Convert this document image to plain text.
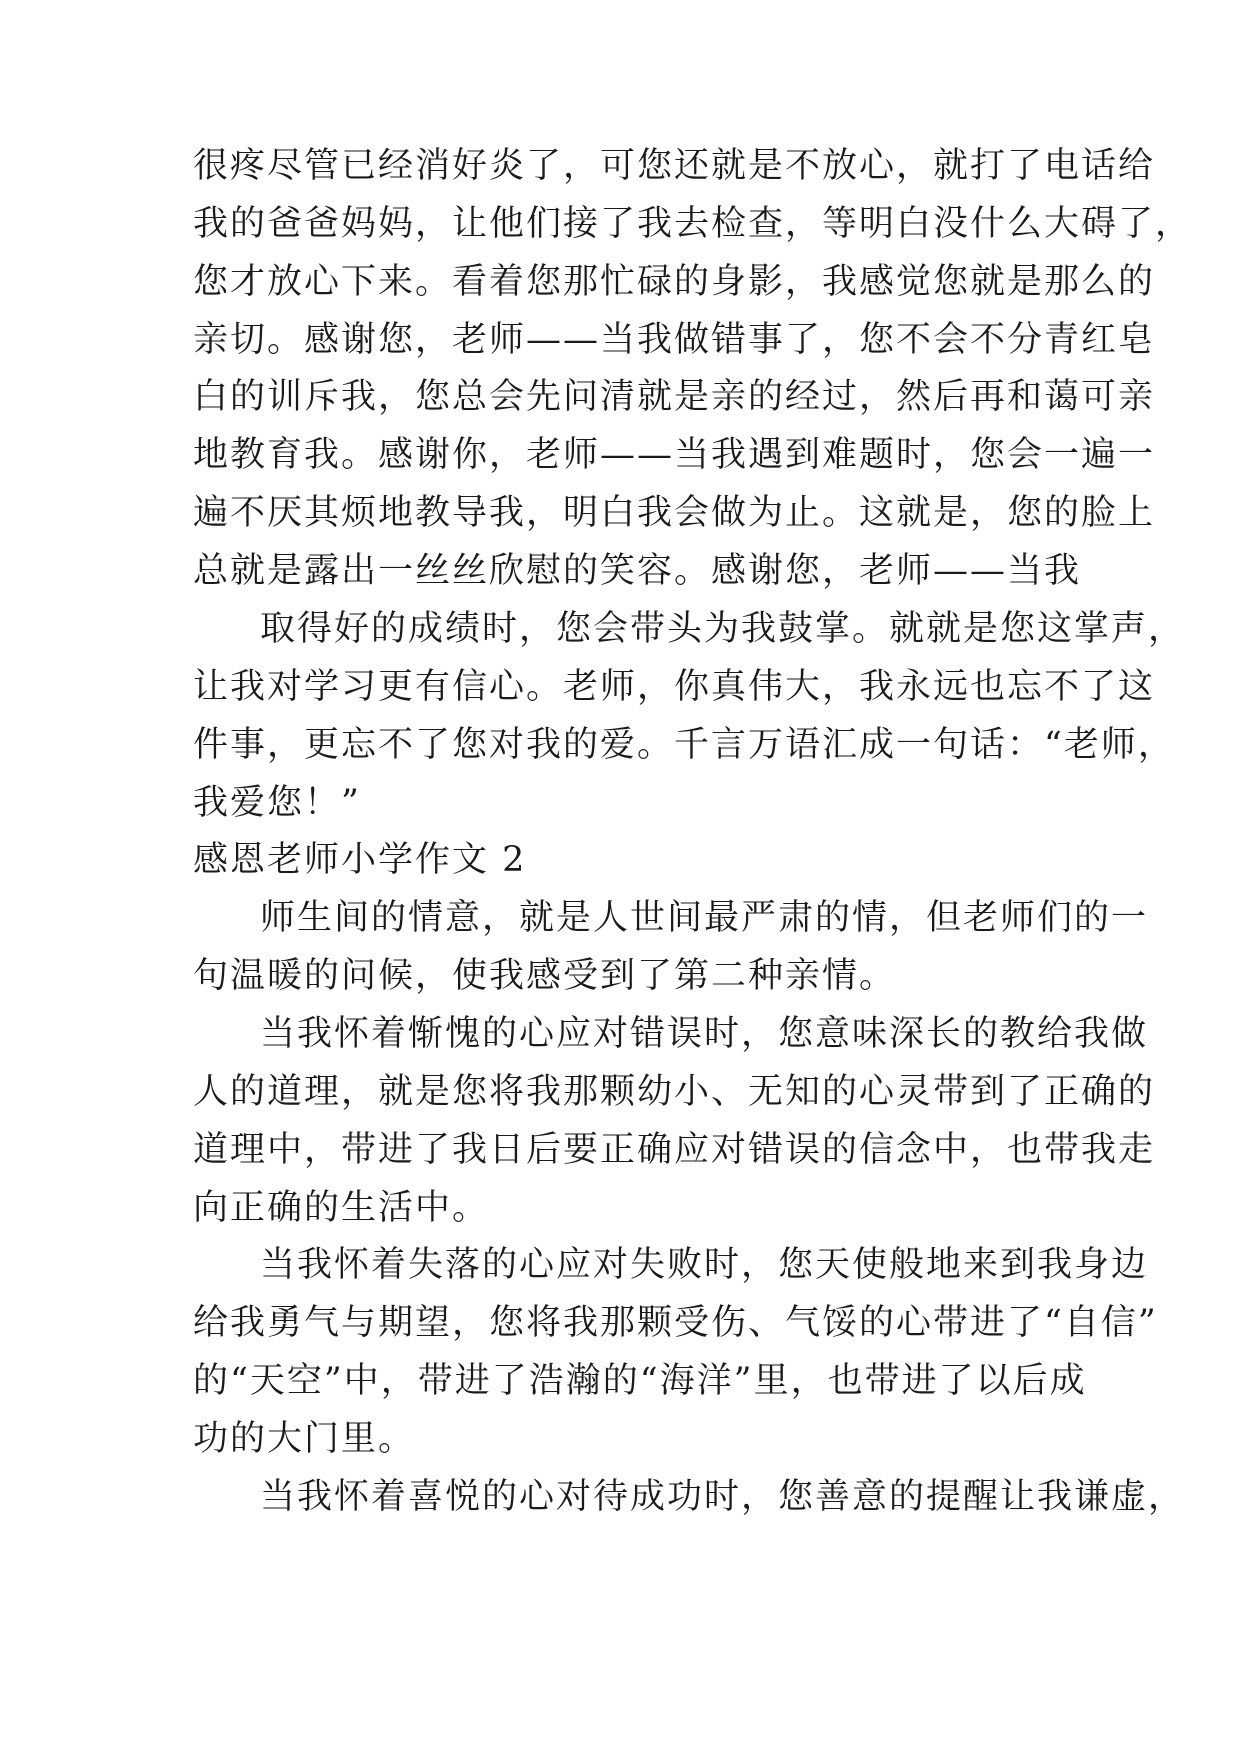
很疼尽管已经消好炎了，可您还就是不放心，就打了电话给
我的爸爸妈妈，让他们接了我去检查，等明白没什么大碍了，
您才放心下来。看着您那忙碌的身影，我感觉您就是那么的
亲切。感谢您，老师——当我做错事了，您不会不分青红皂
白的训斥我，您总会先问清就是亲的经过，然后再和蔼可亲
地教育我。感谢你，老师——当我遇到难题时，您会一遍一
遍不厌其烦地教导我，明白我会做为止。这就是，您的脸上
总就是露出一丝丝欣慰的笑容。感谢您，老师——当我
取得好的成绩时，您会带头为我鼓掌。就就是您这掌声，
让我对学习更有信心。老师，你真伟大，我永远也忘不了这
件事，更忘不了您对我的爱。千言万语汇成一句话：“老师，
我爱您！”
感恩老师小学作文 2
师生间的情意，就是人世间最严肃的情，但老师们的一
句温暖的问候，使我感受到了第二种亲情。
当我怀着惭愧的心应对错误时，您意味深长的教给我做
人的道理，就是您将我那颗幼小、无知的心灵带到了正确的
道理中，带进了我日后要正确应对错误的信念中，也带我走
向正确的生活中。
当我怀着失落的心应对失败时，您天使般地来到我身边
给我勇气与期望，您将我那颗受伤、气馁的心带进了“自信”
的“天空”中，带进了浩瀚的“海洋”里，也带进了以后成
功的大门里。
当我怀着喜悦的心对待成功时，您善意的提醒让我谦虚，
